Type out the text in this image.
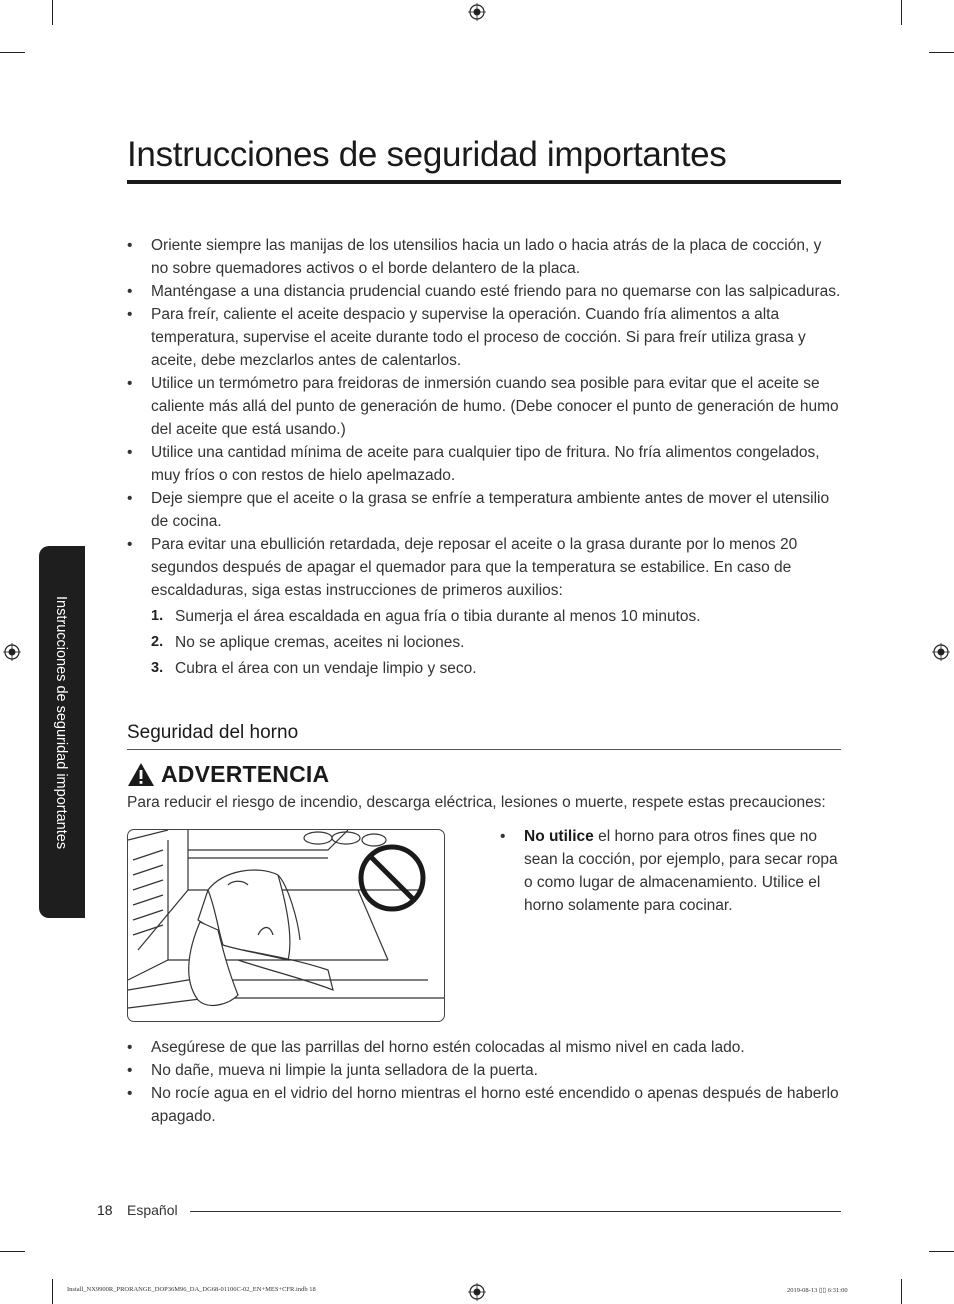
Instrucciones de seguridad importantes
Instrucciones de seguridad importantes
• Oriente siempre las manijas de los utensilios hacia un lado o hacia atrás de la placa de cocción, y no sobre quemadores activos o el borde delantero de la placa.
• Manténgase a una distancia prudencial cuando esté friendo para no quemarse con las salpicaduras.
• Para freír, caliente el aceite despacio y supervise la operación. Cuando fría alimentos a alta temperatura, supervise el aceite durante todo el proceso de cocción. Si para freír utiliza grasa y aceite, debe mezclarlos antes de calentarlos.
• Utilice un termómetro para freidoras de inmersión cuando sea posible para evitar que el aceite se caliente más allá del punto de generación de humo. (Debe conocer el punto de generación de humo del aceite que está usando.)
• Utilice una cantidad mínima de aceite para cualquier tipo de fritura. No fría alimentos congelados, muy fríos o con restos de hielo apelmazado.
• Deje siempre que el aceite o la grasa se enfríe a temperatura ambiente antes de mover el utensilio de cocina.
• Para evitar una ebullición retardada, deje reposar el aceite o la grasa durante por lo menos 20 segundos después de apagar el quemador para que la temperatura se estabilice. En caso de escaldaduras, siga estas instrucciones de primeros auxilios:
1. Sumerja el área escaldada en agua fría o tibia durante al menos 10 minutos.
2. No se aplique cremas, aceites ni lociones.
3. Cubra el área con un vendaje limpio y seco.
Seguridad del horno
ADVERTENCIA
Para reducir el riesgo de incendio, descarga eléctrica, lesiones o muerte, respete estas precauciones:
• No utilice el horno para otros fines que no sean la cocción, por ejemplo, para secar ropa o como lugar de almacenamiento. Utilice el horno solamente para cocinar.
• Asegúrese de que las parrillas del horno estén colocadas al mismo nivel en cada lado.
• No dañe, mueva ni limpie la junta selladora de la puerta.
• No rocíe agua en el vidrio del horno mientras el horno esté encendido o apenas después de haberlo apagado.
18 Español
Install_NX9900R_PRORANGE_DOP36M96_DA_DG68-01106C-02_EN+MES+CFR.indb 18	2019-08-13 ▯▯ 6:31:00
